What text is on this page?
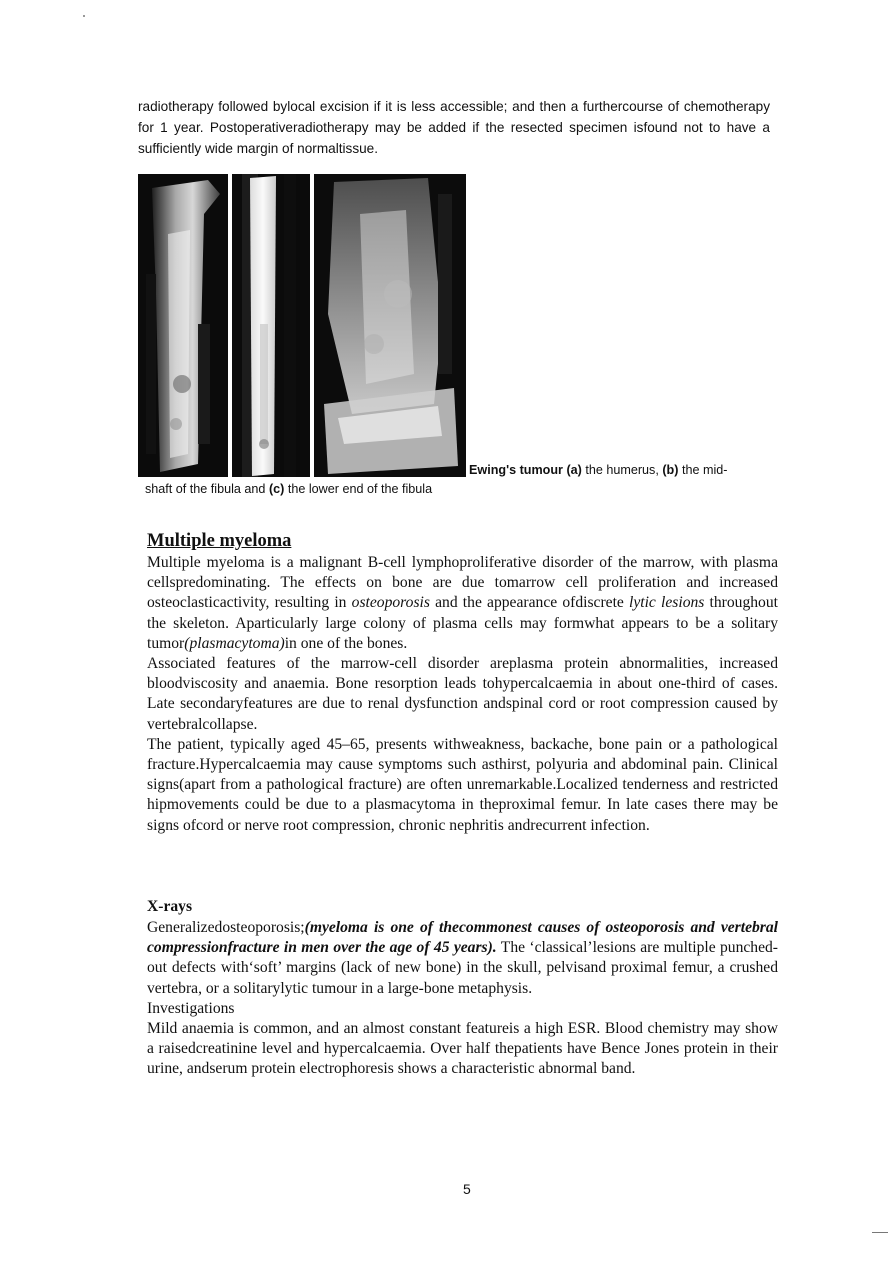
radiotherapy followed bylocal excision if it is less accessible; and then a furthercourse of chemotherapy for 1 year. Postoperativeradiotherapy may be added if the resected specimen isfound not to have a sufficiently wide margin of normaltissue.
Ewing's tumour (a) the humerus, (b) the mid-
shaft of the fibula and (c) the lower end of the fibula
Multiple myeloma

Multiple myeloma is a malignant B-cell lymphoproliferative disorder of the marrow, with plasma cellspredominating. The effects on bone are due tomarrow cell proliferation and increased osteoclasticactivity, resulting in osteoporosis and the appearance ofdiscrete lytic lesions throughout the skeleton. Aparticularly large colony of plasma cells may formwhat appears to be a solitary tumor(plasmacytoma)in one of the bones.

Associated features of the marrow-cell disorder areplasma protein abnormalities, increased bloodviscosity and anaemia. Bone resorption leads tohypercalcaemia in about one-third of cases. Late secondaryfeatures are due to renal dysfunction andspinal cord or root compression caused by vertebralcollapse.

The patient, typically aged 45–65, presents withweakness, backache, bone pain or a pathological fracture.Hypercalcaemia may cause symptoms such asthirst, polyuria and abdominal pain. Clinical signs(apart from a pathological fracture) are often unremarkable.Localized tenderness and restricted hipmovements could be due to a plasmacytoma in theproximal femur. In late cases there may be signs ofcord or nerve root compression, chronic nephritis andrecurrent infection.

X-rays

Generalizedosteoporosis;(myeloma is one of thecommonest causes of osteoporosis and vertebral compressionfracture in men over the age of 45 years). The ‘classical’lesions are multiple punched-out defects with‘soft’ margins (lack of new bone) in the skull, pelvisand proximal femur, a crushed vertebra, or a solitarylytic tumour in a large-bone metaphysis.

Investigations

Mild anaemia is common, and an almost constant featureis a high ESR. Blood chemistry may show a raisedcreatinine level and hypercalcaemia. Over half thepatients have Bence Jones protein in their urine, andserum protein electrophoresis shows a characteristic abnormal band.

5
